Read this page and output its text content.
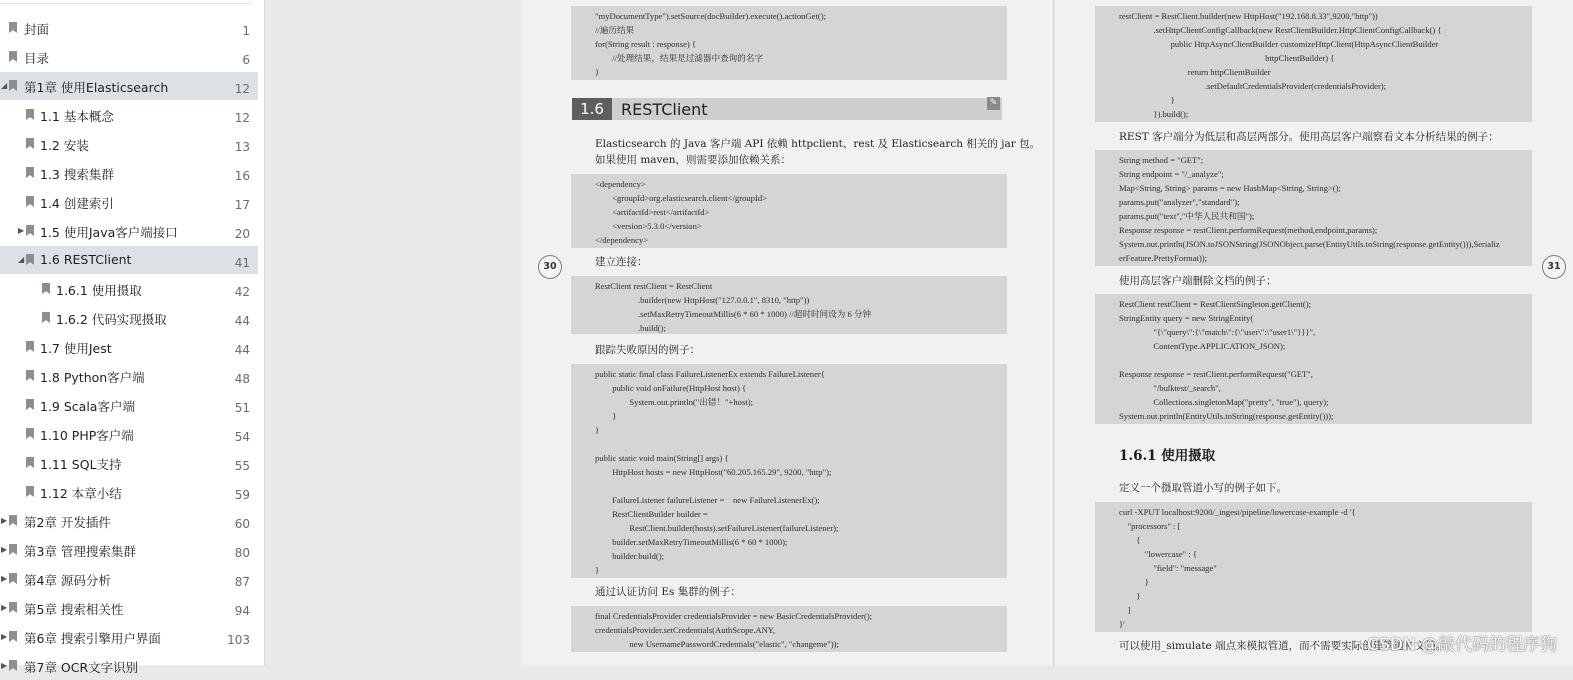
封面	1
目录	6
◢ 第1章 使用Elasticsearch	12
1.1 基本概念	12
1.2 安装	13
1.3 搜索集群	16
1.4 创建索引	17
▶ 1.5 使用Java客户端接口	20
◢ 1.6 RESTClient	41
1.6.1 使用摄取	42
1.6.2 代码实现摄取	44
1.7 使用Jest	44
1.8 Python客户端	48
1.9 Scala客户端	51
1.10 PHP客户端	54
1.11 SQL支持	55
1.12 本章小结	59
▶ 第2章 开发插件	60
▶ 第3章 管理搜索集群	80
▶ 第4章 源码分析	87
▶ 第5章 搜索相关性	94
▶ 第6章 搜索引擎用户界面	103
▶ 第7章 OCR文字识别
"myDocumentType").setSource(docBuilder).execute().actionGet();
//遍历结果
for(String result : response) {
//处理结果，结果是过滤器中查询的名字
}
1.6	RESTClient	✎
Elasticsearch 的 Java 客户端 API 依赖 httpclient、rest 及 Elasticsearch 相关的 jar 包。
如果使用 maven，则需要添加依赖关系：
<dependency>
<groupId>org.elasticsearch.client</groupId>
<artifactId>rest</artifactId>
<version>5.3.0</version>
</dependency>
建立连接：
RestClient restClient = RestClient
.builder(new HttpHost("127.0.0.1", 8310, "http"))
.setMaxRetryTimeoutMillis(6 * 60 * 1000) //超时时间设为 6 分钟
.build();
跟踪失败原因的例子：
public static final class FailureListenerEx extends FailureListener{
public void onFailure(HttpHost host) {
System.out.println("出错！"+host);
}
}
public static void main(String[] args) {
HttpHost hosts = new HttpHost("60.205.165.29", 9200, "http");
FailureListener failureListener =    new FailureListenerEx();
RestClientBuilder builder =
RestClient.builder(hosts).setFailureListener(failureListener);
builder.setMaxRetryTimeoutMillis(6 * 60 * 1000);
builder.build();
}
通过认证访问 Es 集群的例子：
final CredentialsProvider credentialsProvider = new BasicCredentialsProvider();
credentialsProvider.setCredentials(AuthScope.ANY,
new UsernamePasswordCredentials("elastic", "changeme"));
30
restClient = RestClient.builder(new HttpHost("192.168.8.33",9200,"http"))
.setHttpClientConfigCallback(new RestClientBuilder.HttpClientConfigCallback() {
public HttpAsyncClientBuilder customizeHttpClient(HttpAsyncClientBuilder
httpClientBuilder) {
return httpClientBuilder
.setDefaultCredentialsProvider(credentialsProvider);
}
}).build();
REST 客户端分为低层和高层两部分。使用高层客户端察看文本分析结果的例子：
String method = "GET";
String endpoint = "/_analyze";
Map<String, String> params = new HashMap<String, String>();
params.put("analyzer","standard");
params.put("text","中华人民共和国");
Response response = restClient.performRequest(method,endpoint,params);
System.out.println(JSON.toJSONString(JSONObject.parse(EntityUtils.toString(response.getEntity())),Serializ
erFeature.PrettyFormat));
使用高层客户端删除文档的例子：
RestClient restClient = RestClientSingleton.getClient();
StringEntity query = new StringEntity(
"{\"query\":{\"match\":{\"user\":\"user1\"}}}",
ContentType.APPLICATION_JSON);
Response response = restClient.performRequest("GET",
"/bulktest/_search",
Collections.singletonMap("pretty", "true"), query);
System.out.println(EntityUtils.toString(response.getEntity()));
1.6.1 使用摄取
定义一个摄取管道小写的例子如下。
curl -XPUT localhost:9200/_ingest/pipeline/lowercase-example -d '{
"processors" : [
{
"lowercase" : {
"field": "message"
}
}
]
}'
可以使用_simulate 端点来模拟管道，而不需要实际创建管道和文档。
31
CSDN @敲代码的程序狗
